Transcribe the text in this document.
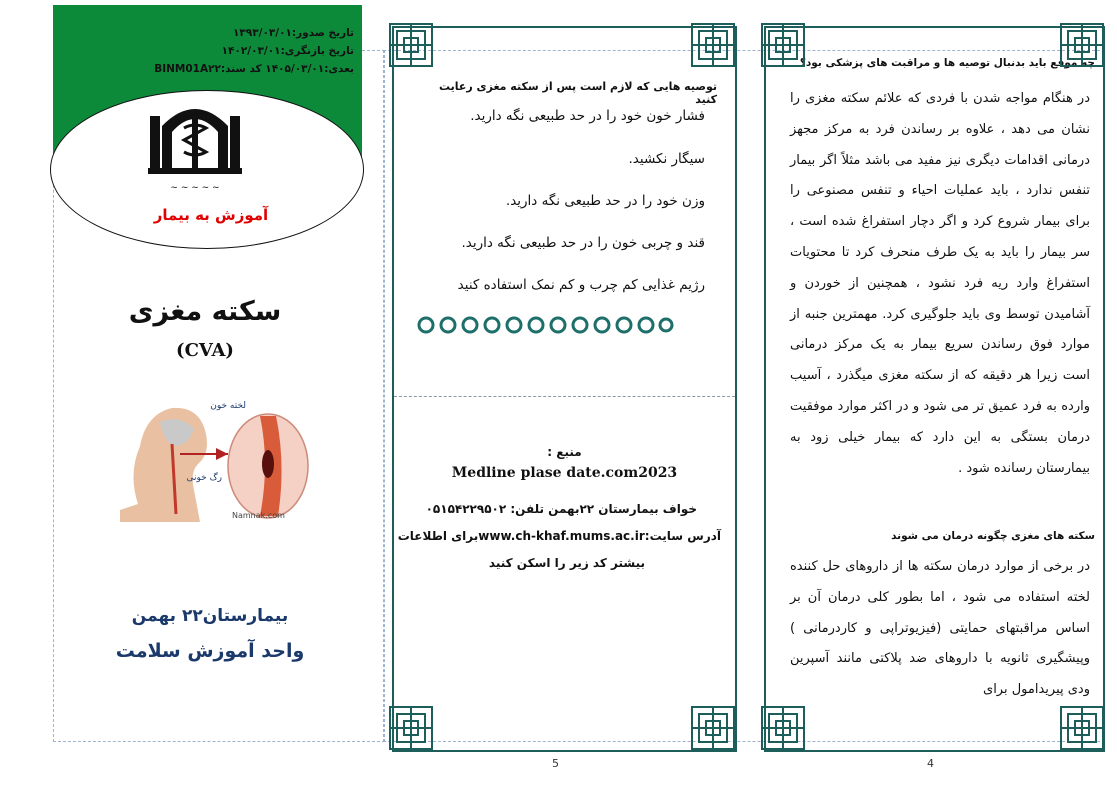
تاریخ صدور:۱۳۹۳/۰۳/۰۱
تاریخ بازنگری:۱۴۰۲/۰۳/۰۱
بعدی:۱۴۰۵/۰۳/۰۱ کد سند:BINM01A۲۲
~ ~ ~ ~ ~
آموزش به بیمار
سکته مغزی
(CVA)
لخته خون
رگ خونی
Namnak.com
بیمارستان۲۲ بهمن
واحد آموزش سلامت
توصیه هایی که لازم است پس از سکته مغزی رعایت کنید
فشار خون خود را در حد طبیعی نگه دارید.
سیگار نکشید.
وزن خود را در حد طبیعی نگه دارید.
قند و چربی خون را در حد طبیعی نگه دارید.
رژیم غذایی کم چرب و کم نمک استفاده کنید
منبع :
Medline plase date.com2023
خواف بیمارستان ۲۲بهمن تلفن: ۰۵۱۵۴۲۲۹۵۰۲
آدرس سایت:www.ch-khaf.mums.ac.irبرای اطلاعات
بیشتر کد زیر را اسکن کنید
چه موقع باید بدنبال توصیه ها و مراقبت های پزشکی بود؟
در هنگام مواجه شدن با فردی که علائم سکته مغزی را نشان می دهد ، علاوه بر رساندن فرد به مرکز مجهز درمانی اقدامات دیگری نیز مفید می باشد مثلاً اگر بیمار تنفس ندارد ، باید عملیات احیاء و تنفس مصنوعی را برای بیمار شروع کرد و اگر دچار استفراغ شده است ، سر بیمار را باید به یک طرف منحرف کرد تا محتویات استفراغ وارد ریه فرد نشود ، همچنین از خوردن و آشامیدن توسط وی باید جلوگیری کرد. مهمترین جنبه از موارد فوق رساندن سریع بیمار به یک مرکز درمانی است زیرا هر دقیقه که از سکته مغزی میگذرد ، آسیب وارده به فرد عمیق تر می شود و در اکثر موارد موفقیت درمان بستگی به این دارد که بیمار خیلی زود به بیمارستان رسانده شود .
سکته های مغزی چگونه درمان می شوند
در برخی از موارد درمان سکته ها از داروهای حل کننده لخته استفاده می شود ، اما بطور کلی درمان آن بر اساس مراقبتهای حمایتی (فیزیوتراپی و کاردرمانی ) وپیشگیری ثانویه با داروهای ضد پلاکتی مانند آسپرین ودی پیریدامول برای
5	4
